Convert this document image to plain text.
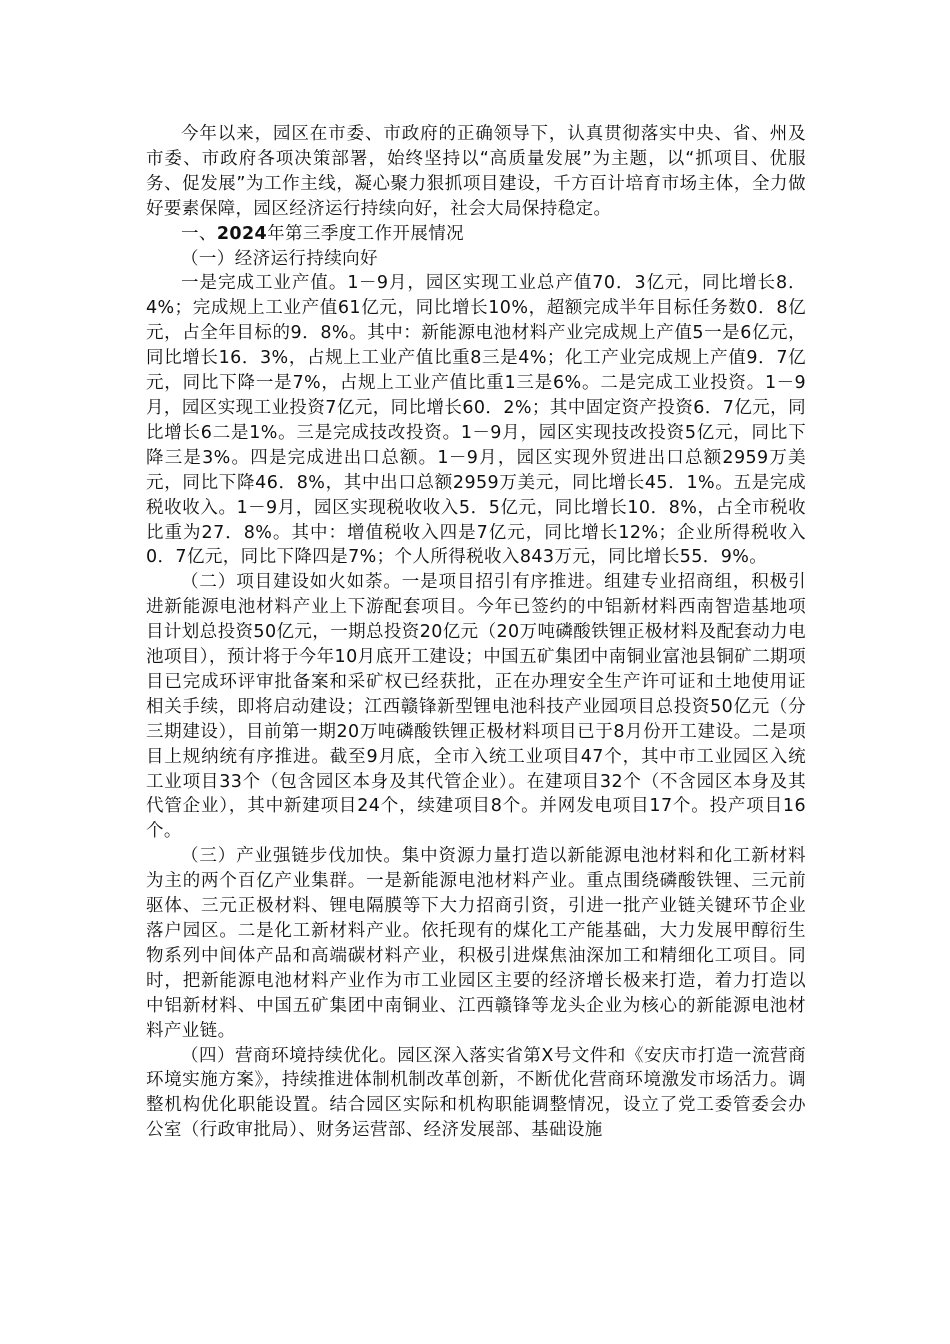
今年以来，园区在市委、市政府的正确领导下，认真贯彻落实中央、省、州及市委、市政府各项决策部署，始终坚持以“高质量发展”为主题，以“抓项目、优服务、促发展”为工作主线，凝心聚力狠抓项目建设，千方百计培育市场主体，全力做好要素保障，园区经济运行持续向好，社会大局保持稳定。

一、2024年第三季度工作开展情况

（一）经济运行持续向好

一是完成工业产值。1－9月，园区实现工业总产值70．3亿元，同比增长8．4%；完成规上工业产值61亿元，同比增长10%，超额完成半年目标任务数0．8亿元，占全年目标的9．8%。其中：新能源电池材料产业完成规上产值5一是6亿元，同比增长16．3%，占规上工业产值比重8三是4%；化工产业完成规上产值9．7亿元，同比下降一是7%，占规上工业产值比重1三是6%。二是完成工业投资。1－9月，园区实现工业投资7亿元，同比增长60．2%；其中固定资产投资6．7亿元，同比增长6二是1%。三是完成技改投资。1－9月，园区实现技改投资5亿元，同比下降三是3%。四是完成进出口总额。1－9月，园区实现外贸进出口总额2959万美元，同比下降46．8%，其中出口总额2959万美元，同比增长45．1%。五是完成税收收入。1－9月，园区实现税收收入5．5亿元，同比增长10．8%，占全市税收比重为27．8%。其中：增值税收入四是7亿元，同比增长12%；企业所得税收入0．7亿元，同比下降四是7%；个人所得税收入843万元，同比增长55．9%。

（二）项目建设如火如荼。一是项目招引有序推进。组建专业招商组，积极引进新能源电池材料产业上下游配套项目。今年已签约的中铝新材料西南智造基地项目计划总投资50亿元，一期总投资20亿元（20万吨磷酸铁锂正极材料及配套动力电池项目），预计将于今年10月底开工建设；中国五矿集团中南铜业富池县铜矿二期项目已完成环评审批备案和采矿权已经获批，正在办理安全生产许可证和土地使用证相关手续，即将启动建设；江西赣锋新型锂电池科技产业园项目总投资50亿元（分三期建设），目前第一期20万吨磷酸铁锂正极材料项目已于8月份开工建设。二是项目上规纳统有序推进。截至9月底，全市入统工业项目47个，其中市工业园区入统工业项目33个（包含园区本身及其代管企业）。在建项目32个（不含园区本身及其代管企业），其中新建项目24个，续建项目8个。并网发电项目17个。投产项目16个。

（三）产业强链步伐加快。集中资源力量打造以新能源电池材料和化工新材料为主的两个百亿产业集群。一是新能源电池材料产业。重点围绕磷酸铁锂、三元前驱体、三元正极材料、锂电隔膜等下大力招商引资，引进一批产业链关键环节企业落户园区。二是化工新材料产业。依托现有的煤化工产能基础，大力发展甲醇衍生物系列中间体产品和高端碳材料产业，积极引进煤焦油深加工和精细化工项目。同时，把新能源电池材料产业作为市工业园区主要的经济增长极来打造，着力打造以中铝新材料、中国五矿集团中南铜业、江西赣锋等龙头企业为核心的新能源电池材料产业链。

（四）营商环境持续优化。园区深入落实省第X号文件和《安庆市打造一流营商环境实施方案》，持续推进体制机制改革创新，不断优化营商环境激发市场活力。调整机构优化职能设置。结合园区实际和机构职能调整情况，设立了党工委管委会办公室（行政审批局）、财务运营部、经济发展部、基础设施
